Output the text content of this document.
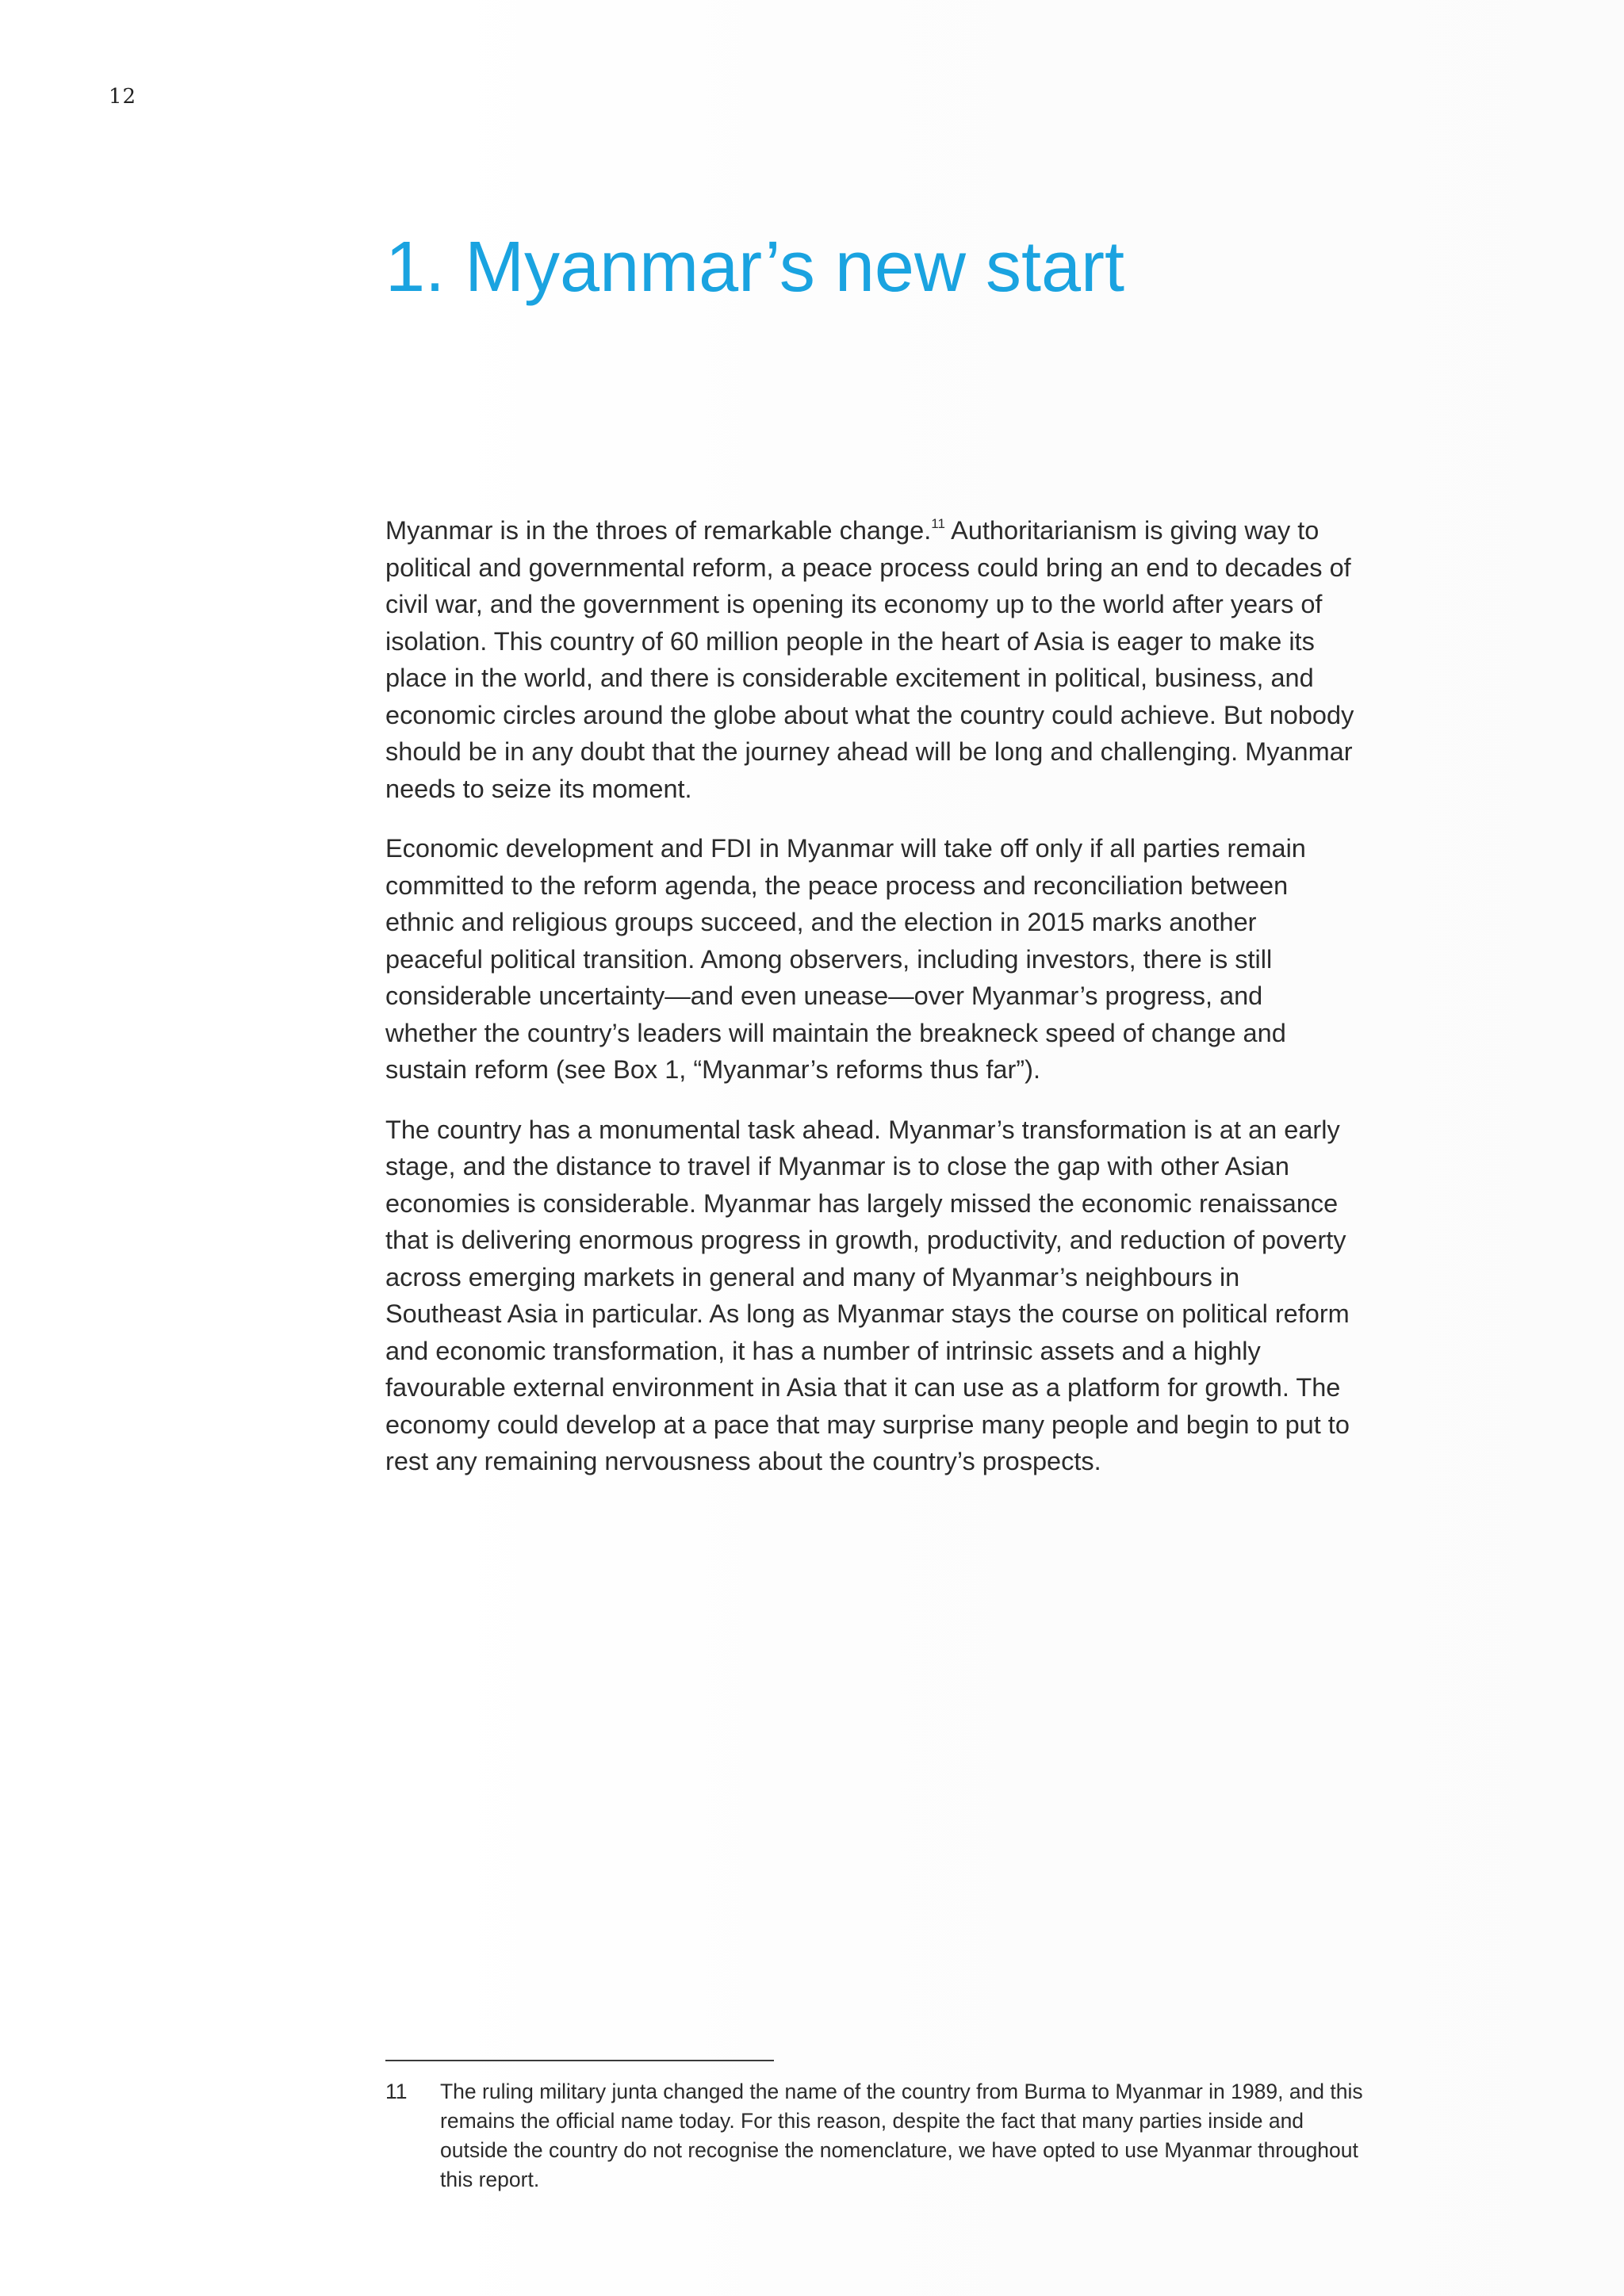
12
1. Myanmar’s new start

Myanmar is in the throes of remarkable change.$^{11}$ Authoritarianism is giving way to political and governmental reform, a peace process could bring an end to decades of civil war, and the government is opening its economy up to the world after years of isolation. This country of 60 million people in the heart of Asia is eager to make its place in the world, and there is considerable excitement in political, business, and economic circles around the globe about what the country could achieve. But nobody should be in any doubt that the journey ahead will be long and challenging. Myanmar needs to seize its moment.

Economic development and FDI in Myanmar will take off only if all parties remain committed to the reform agenda, the peace process and reconciliation between ethnic and religious groups succeed, and the election in 2015 marks another peaceful political transition. Among observers, including investors, there is still considerable uncertainty—and even unease—over Myanmar’s progress, and whether the country’s leaders will maintain the breakneck speed of change and sustain reform (see Box 1, “Myanmar’s reforms thus far”).

The country has a monumental task ahead. Myanmar’s transformation is at an early stage, and the distance to travel if Myanmar is to close the gap with other Asian economies is considerable. Myanmar has largely missed the economic renaissance that is delivering enormous progress in growth, productivity, and reduction of poverty across emerging markets in general and many of Myanmar’s neighbours in Southeast Asia in particular. As long as Myanmar stays the course on political reform and economic transformation, it has a number of intrinsic assets and a highly favourable external environment in Asia that it can use as a platform for growth. The economy could develop at a pace that may surprise many people and begin to put to rest any remaining nervousness about the country’s prospects.

11 The ruling military junta changed the name of the country from Burma to Myanmar in 1989, and this remains the official name today. For this reason, despite the fact that many parties inside and outside the country do not recognise the nomenclature, we have opted to use Myanmar throughout this report.
